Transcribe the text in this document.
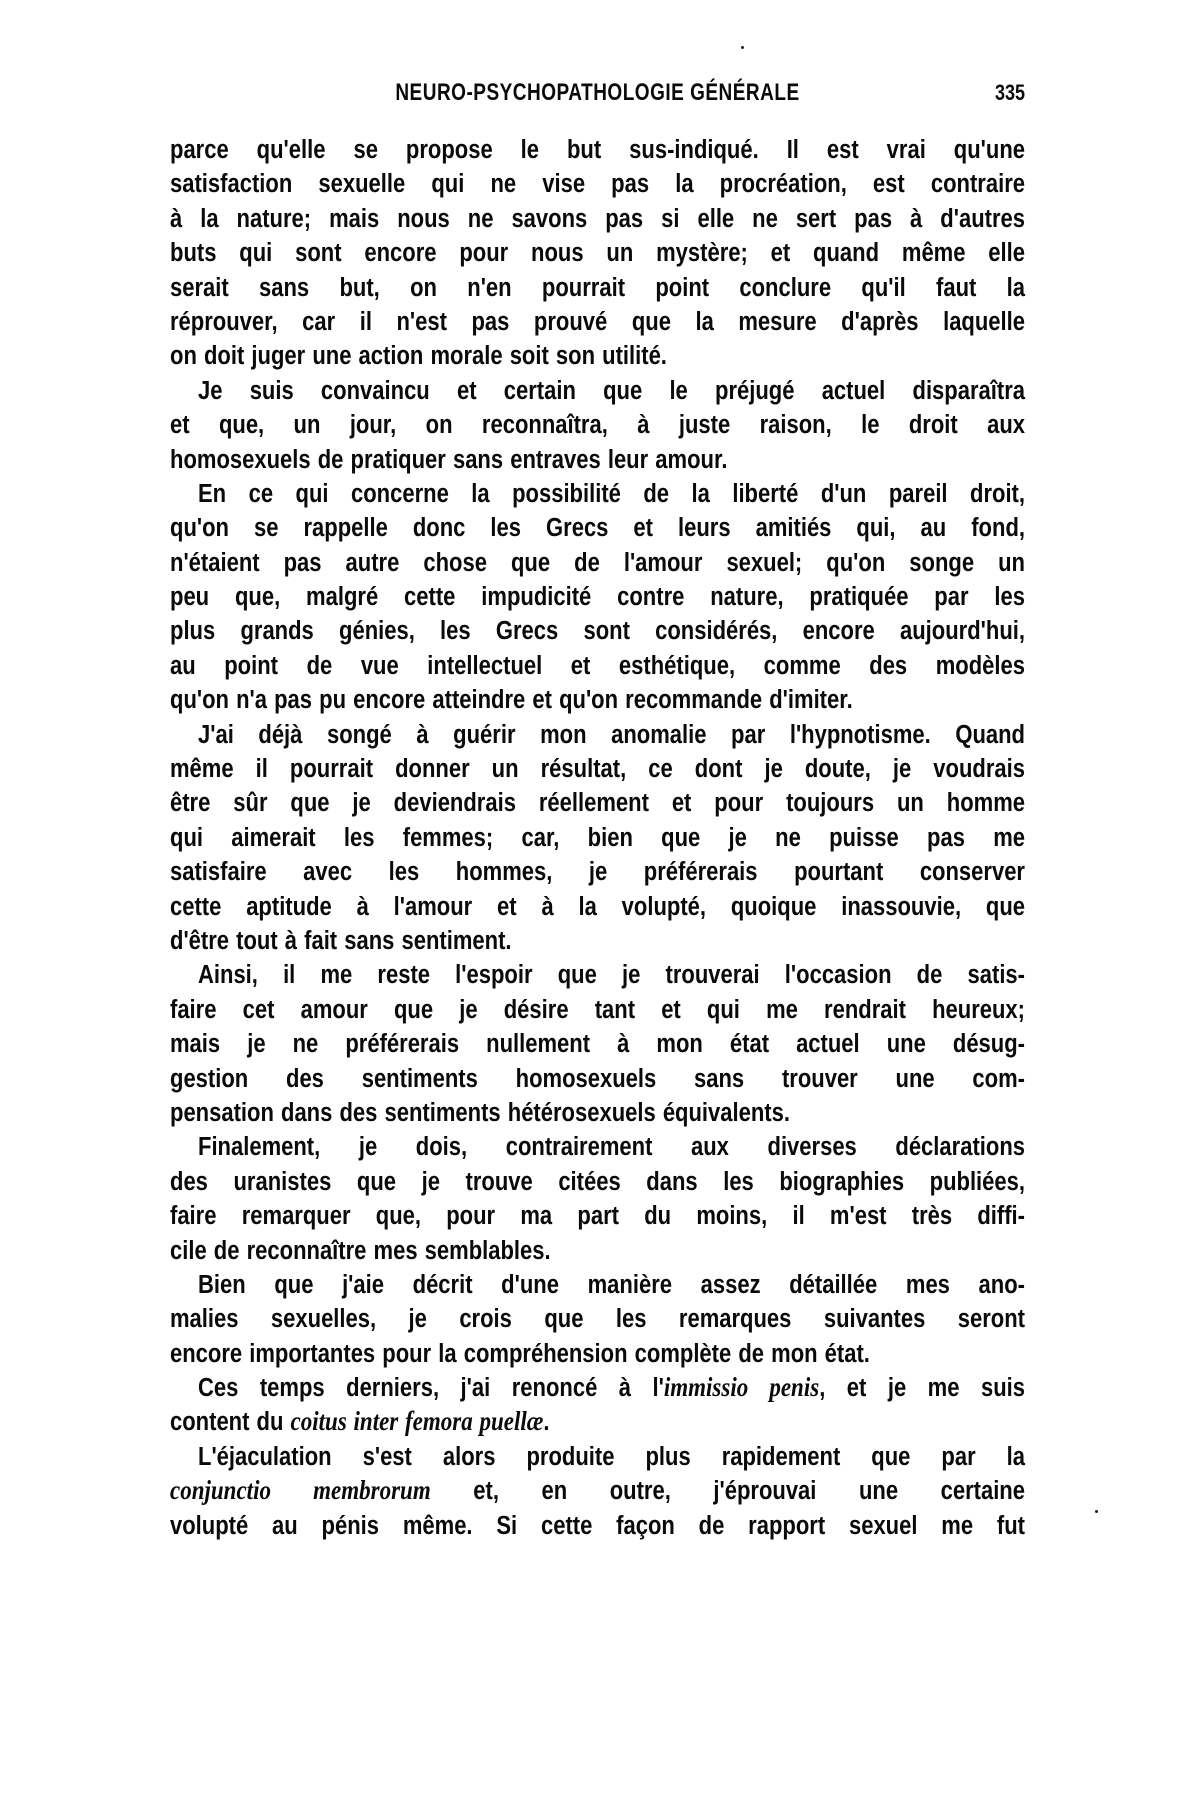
NEURO-PSYCHOPATHOLOGIE GÉNÉRALE	335
parce qu'elle se propose le but sus-indiqué. Il est vrai qu'une
satisfaction sexuelle qui ne vise pas la procréation, est contraire
à la nature; mais nous ne savons pas si elle ne sert pas à d'autres
buts qui sont encore pour nous un mystère; et quand même elle
serait sans but, on n'en pourrait point conclure qu'il faut la
réprouver, car il n'est pas prouvé que la mesure d'après laquelle
on doit juger une action morale soit son utilité.
Je suis convaincu et certain que le préjugé actuel disparaîtra
et que, un jour, on reconnaîtra, à juste raison, le droit aux
homosexuels de pratiquer sans entraves leur amour.
En ce qui concerne la possibilité de la liberté d'un pareil droit,
qu'on se rappelle donc les Grecs et leurs amitiés qui, au fond,
n'étaient pas autre chose que de l'amour sexuel; qu'on songe un
peu que, malgré cette impudicité contre nature, pratiquée par les
plus grands génies, les Grecs sont considérés, encore aujourd'hui,
au point de vue intellectuel et esthétique, comme des modèles
qu'on n'a pas pu encore atteindre et qu'on recommande d'imiter.
J'ai déjà songé à guérir mon anomalie par l'hypnotisme. Quand
même il pourrait donner un résultat, ce dont je doute, je voudrais
être sûr que je deviendrais réellement et pour toujours un homme
qui aimerait les femmes; car, bien que je ne puisse pas me
satisfaire avec les hommes, je préférerais pourtant conserver
cette aptitude à l'amour et à la volupté, quoique inassouvie, que
d'être tout à fait sans sentiment.
Ainsi, il me reste l'espoir que je trouverai l'occasion de satis-
faire cet amour que je désire tant et qui me rendrait heureux;
mais je ne préférerais nullement à mon état actuel une désug-
gestion des sentiments homosexuels sans trouver une com-
pensation dans des sentiments hétérosexuels équivalents.
Finalement, je dois, contrairement aux diverses déclarations
des uranistes que je trouve citées dans les biographies publiées,
faire remarquer que, pour ma part du moins, il m'est très diffi-
cile de reconnaître mes semblables.
Bien que j'aie décrit d'une manière assez détaillée mes ano-
malies sexuelles, je crois que les remarques suivantes seront
encore importantes pour la compréhension complète de mon état.
Ces temps derniers, j'ai renoncé à l'immissio penis, et je me suis
content du coitus inter femora puellæ.
L'éjaculation s'est alors produite plus rapidement que par la
conjunctio membrorum et, en outre, j'éprouvai une certaine
volupté au pénis même. Si cette façon de rapport sexuel me fut
